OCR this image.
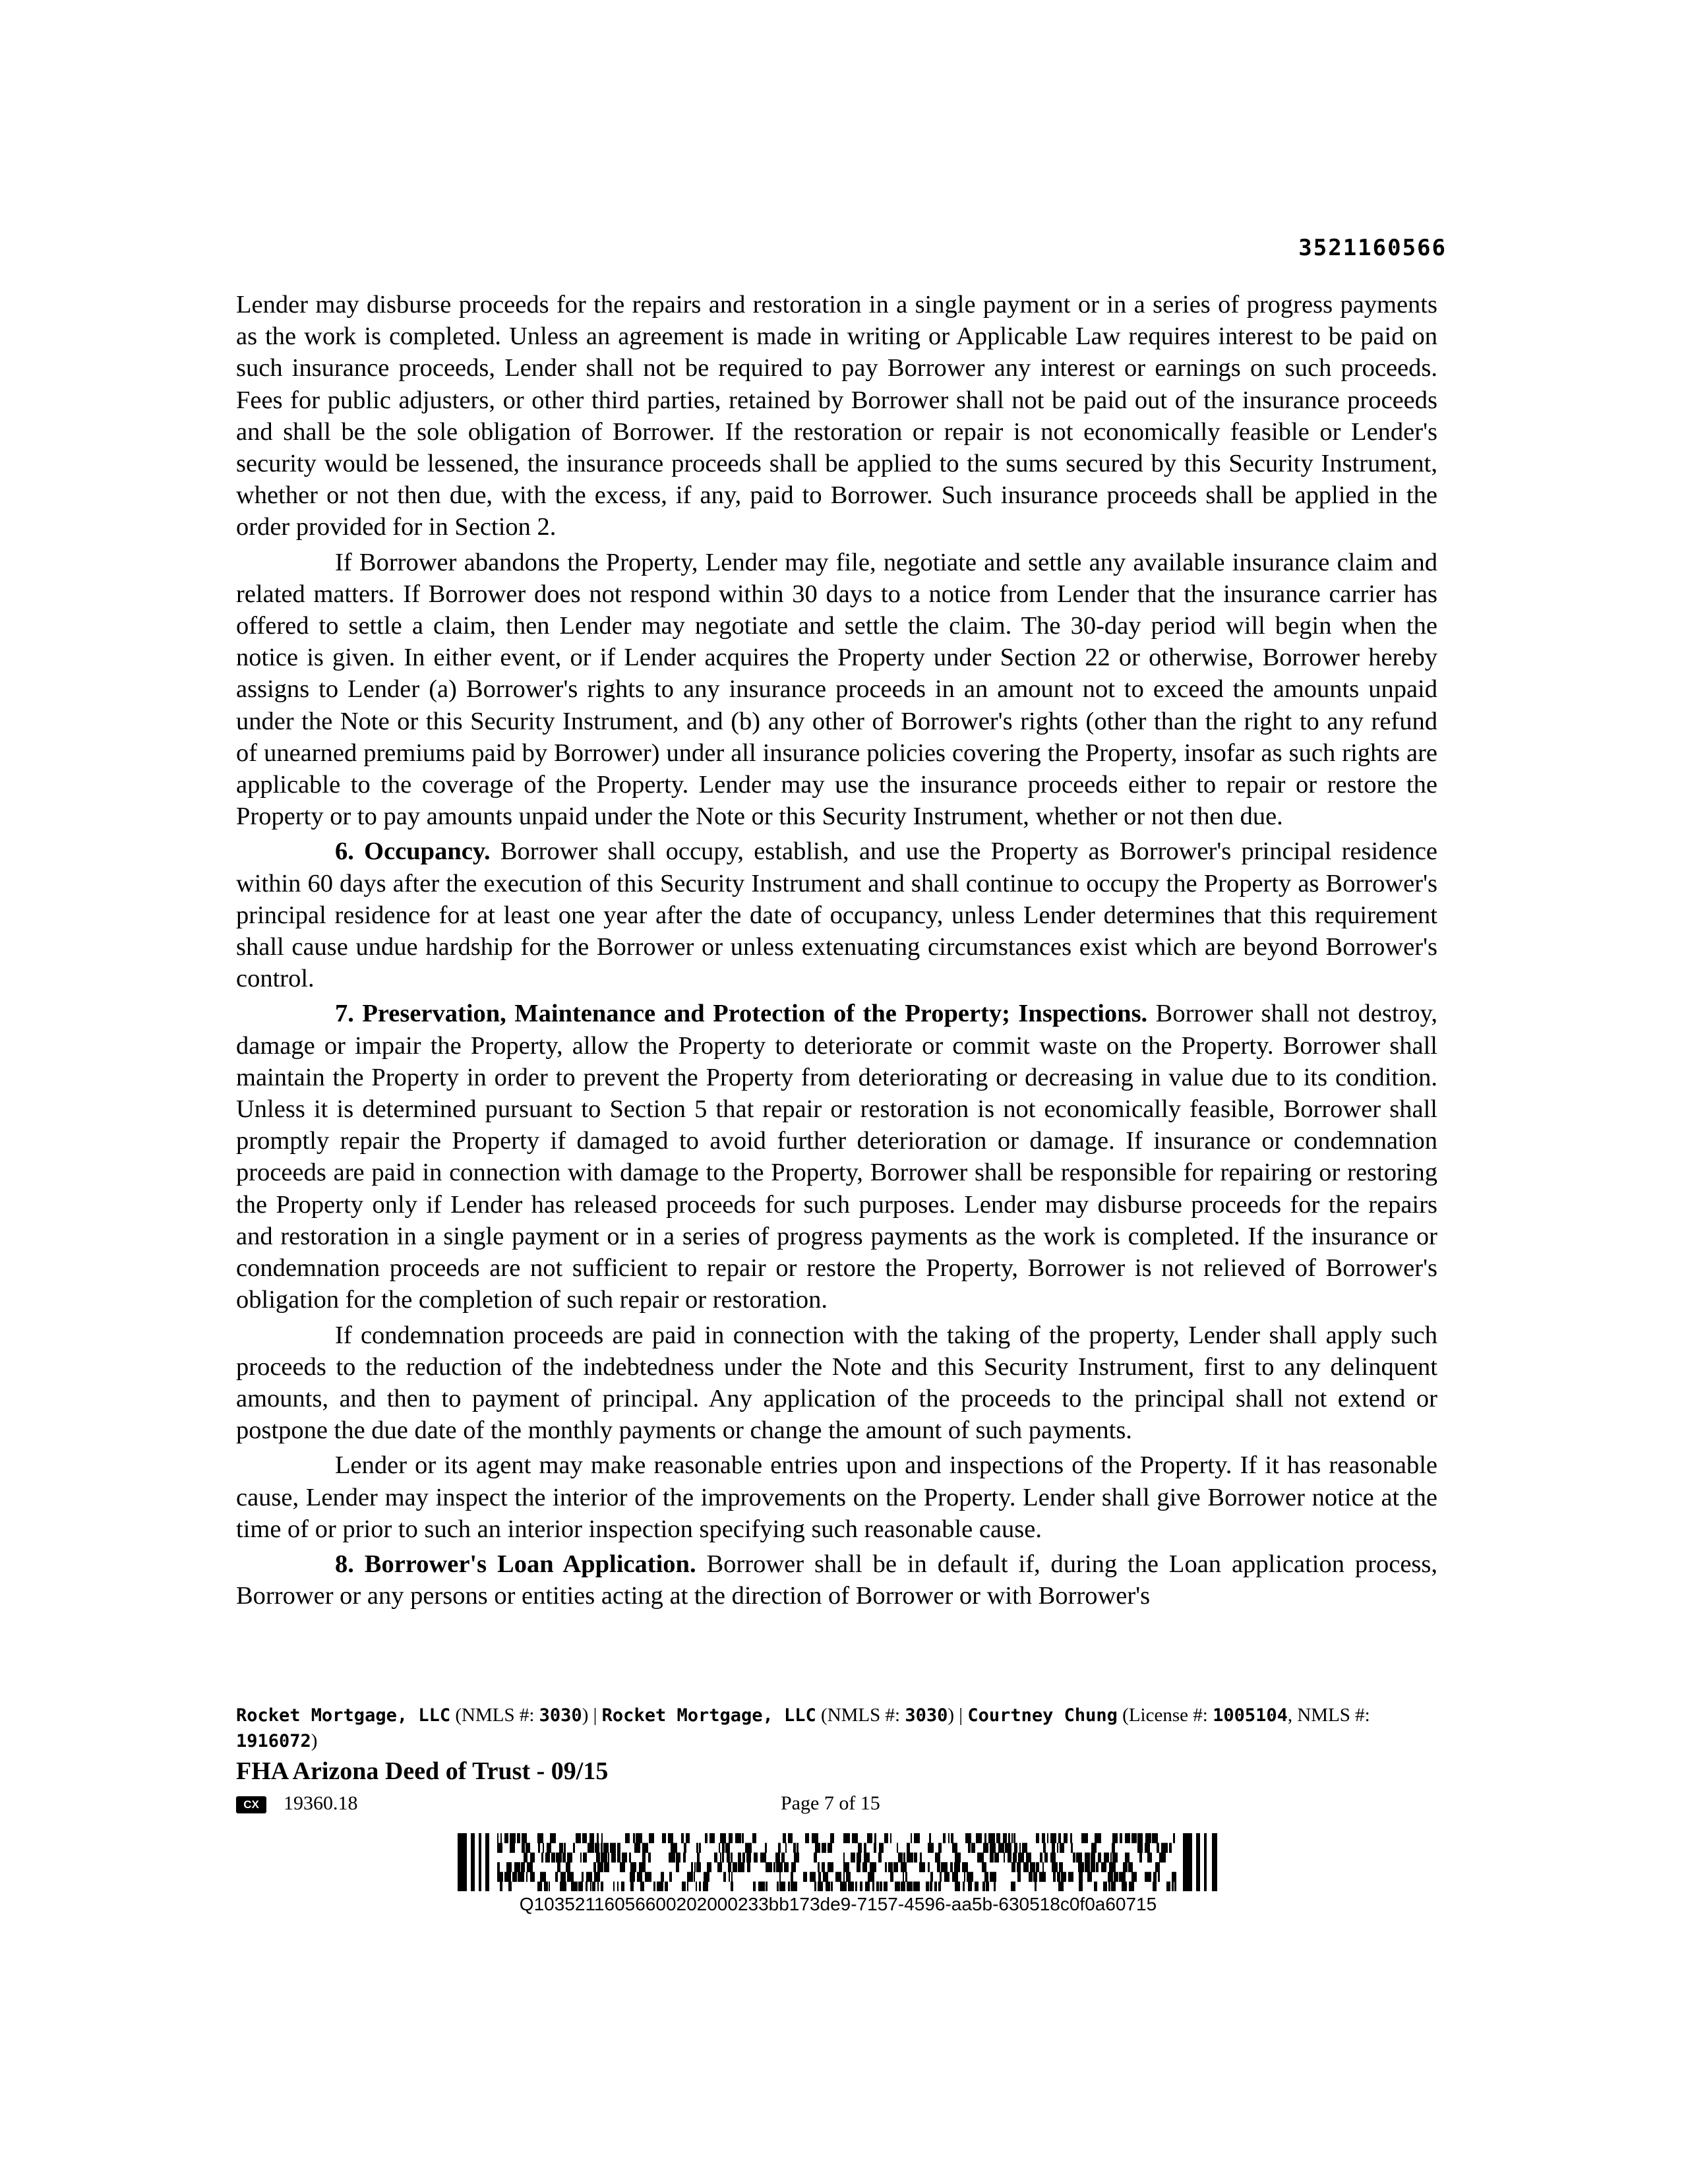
3521160566

Lender may disburse proceeds for the repairs and restoration in a single payment or in a series of progress payments as the work is completed. Unless an agreement is made in writing or Applicable Law requires interest to be paid on such insurance proceeds, Lender shall not be required to pay Borrower any interest or earnings on such proceeds. Fees for public adjusters, or other third parties, retained by Borrower shall not be paid out of the insurance proceeds and shall be the sole obligation of Borrower. If the restoration or repair is not economically feasible or Lender's security would be lessened, the insurance proceeds shall be applied to the sums secured by this Security Instrument, whether or not then due, with the excess, if any, paid to Borrower. Such insurance proceeds shall be applied in the order provided for in Section 2.

If Borrower abandons the Property, Lender may file, negotiate and settle any available insurance claim and related matters. If Borrower does not respond within 30 days to a notice from Lender that the insurance carrier has offered to settle a claim, then Lender may negotiate and settle the claim. The 30-day period will begin when the notice is given. In either event, or if Lender acquires the Property under Section 22 or otherwise, Borrower hereby assigns to Lender (a) Borrower's rights to any insurance proceeds in an amount not to exceed the amounts unpaid under the Note or this Security Instrument, and (b) any other of Borrower's rights (other than the right to any refund of unearned premiums paid by Borrower) under all insurance policies covering the Property, insofar as such rights are applicable to the coverage of the Property. Lender may use the insurance proceeds either to repair or restore the Property or to pay amounts unpaid under the Note or this Security Instrument, whether or not then due.

6. Occupancy. Borrower shall occupy, establish, and use the Property as Borrower's principal residence within 60 days after the execution of this Security Instrument and shall continue to occupy the Property as Borrower's principal residence for at least one year after the date of occupancy, unless Lender determines that this requirement shall cause undue hardship for the Borrower or unless extenuating circumstances exist which are beyond Borrower's control.

7. Preservation, Maintenance and Protection of the Property; Inspections. Borrower shall not destroy, damage or impair the Property, allow the Property to deteriorate or commit waste on the Property. Borrower shall maintain the Property in order to prevent the Property from deteriorating or decreasing in value due to its condition. Unless it is determined pursuant to Section 5 that repair or restoration is not economically feasible, Borrower shall promptly repair the Property if damaged to avoid further deterioration or damage. If insurance or condemnation proceeds are paid in connection with damage to the Property, Borrower shall be responsible for repairing or restoring the Property only if Lender has released proceeds for such purposes. Lender may disburse proceeds for the repairs and restoration in a single payment or in a series of progress payments as the work is completed. If the insurance or condemnation proceeds are not sufficient to repair or restore the Property, Borrower is not relieved of Borrower's obligation for the completion of such repair or restoration.

If condemnation proceeds are paid in connection with the taking of the property, Lender shall apply such proceeds to the reduction of the indebtedness under the Note and this Security Instrument, first to any delinquent amounts, and then to payment of principal. Any application of the proceeds to the principal shall not extend or postpone the due date of the monthly payments or change the amount of such payments.

Lender or its agent may make reasonable entries upon and inspections of the Property. If it has reasonable cause, Lender may inspect the interior of the improvements on the Property. Lender shall give Borrower notice at the time of or prior to such an interior inspection specifying such reasonable cause.

8. Borrower's Loan Application. Borrower shall be in default if, during the Loan application process, Borrower or any persons or entities acting at the direction of Borrower or with Borrower's

Rocket Mortgage, LLC (NMLS #: 3030) | Rocket Mortgage, LLC (NMLS #: 3030) | Courtney Chung (License #: 1005104, NMLS #: 1916072)
FHA Arizona Deed of Trust - 09/15
CX	19360.18	Page 7 of 15
Q10352116056600202000233bb173de9-7157-4596-aa5b-630518c0f0a60715
